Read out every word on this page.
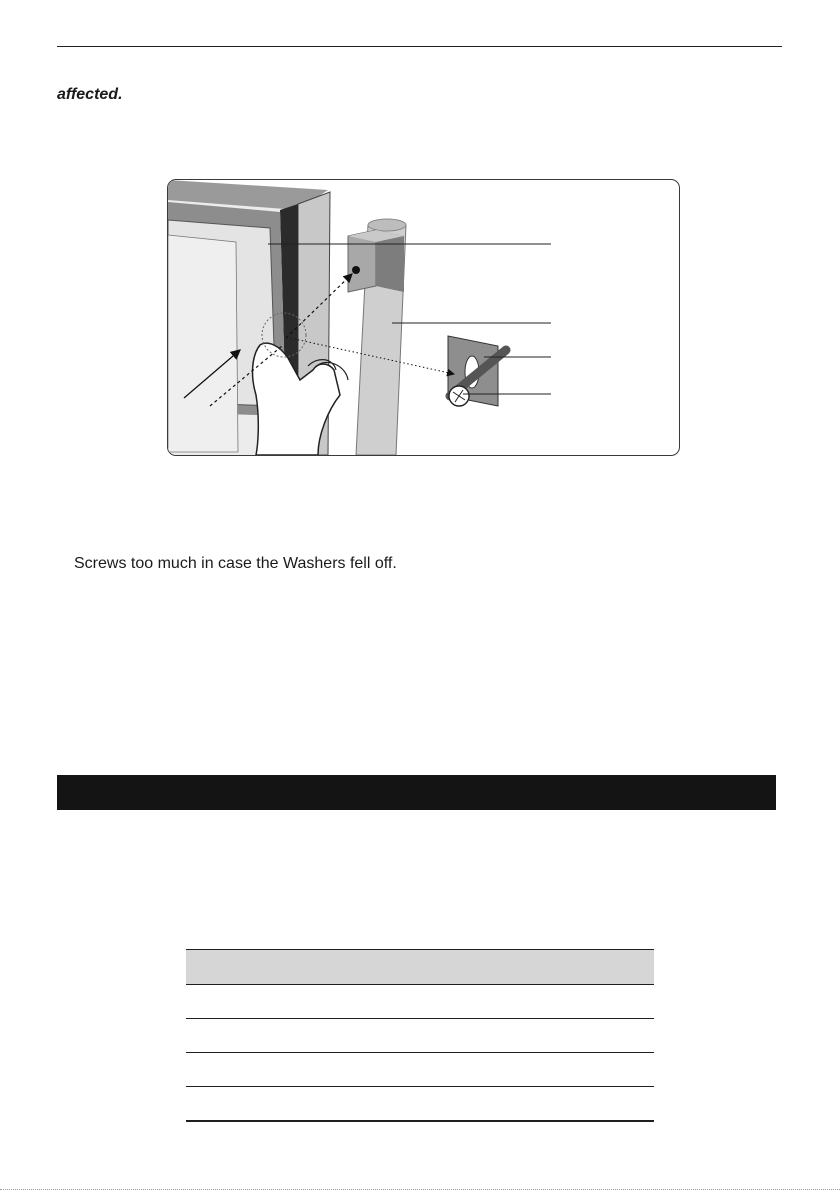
affected.
Screws too much in case the Washers fell off.
